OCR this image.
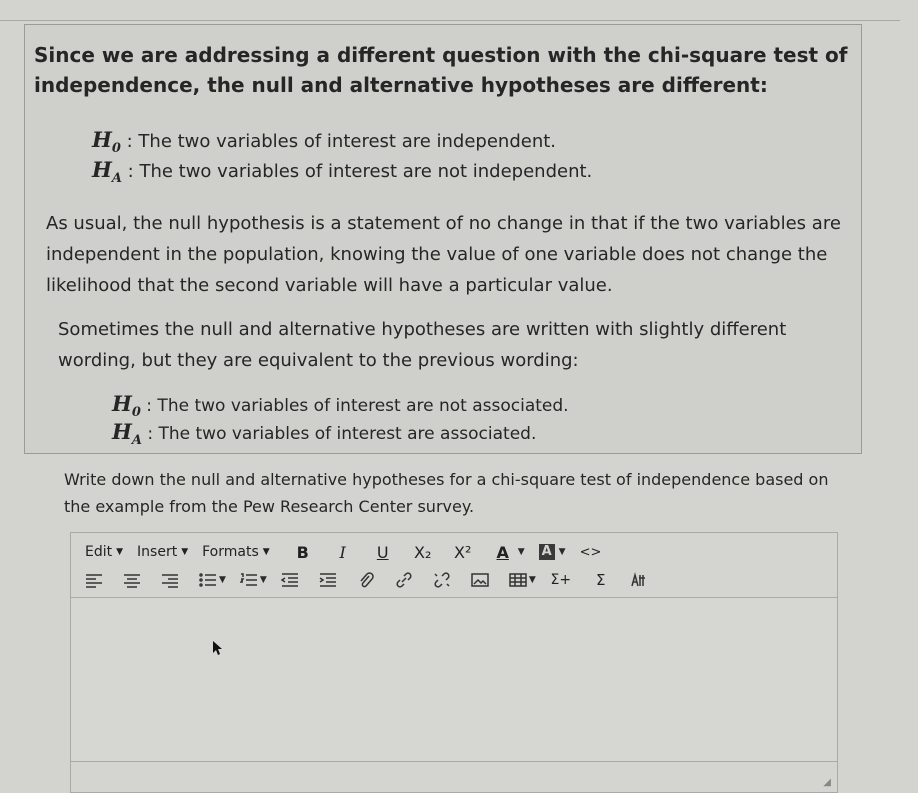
Since we are addressing a different question with the chi-square test of independence, the null and alternative hypotheses are different:

$H_0$ : The two variables of interest are independent.
$H_A$ : The two variables of interest are not independent.

As usual, the null hypothesis is a statement of no change in that if the two variables are independent in the population, knowing the value of one variable does not change the likelihood that the second variable will have a particular value.

Sometimes the null and alternative hypotheses are written with slightly different wording, but they are equivalent to the previous wording:

$H_0$ : The two variables of interest are not associated.
$H_A$ : The two variables of interest are associated.

Write down the null and alternative hypotheses for a chi-square test of independence based on the example from the Pew Research Center survey.

Edit ▼ Insert ▼ Formats ▼	B	I	U	X₂ X² A ▼ A ▼ <>
▼	▼	▼ Σ+	Σ
◢
